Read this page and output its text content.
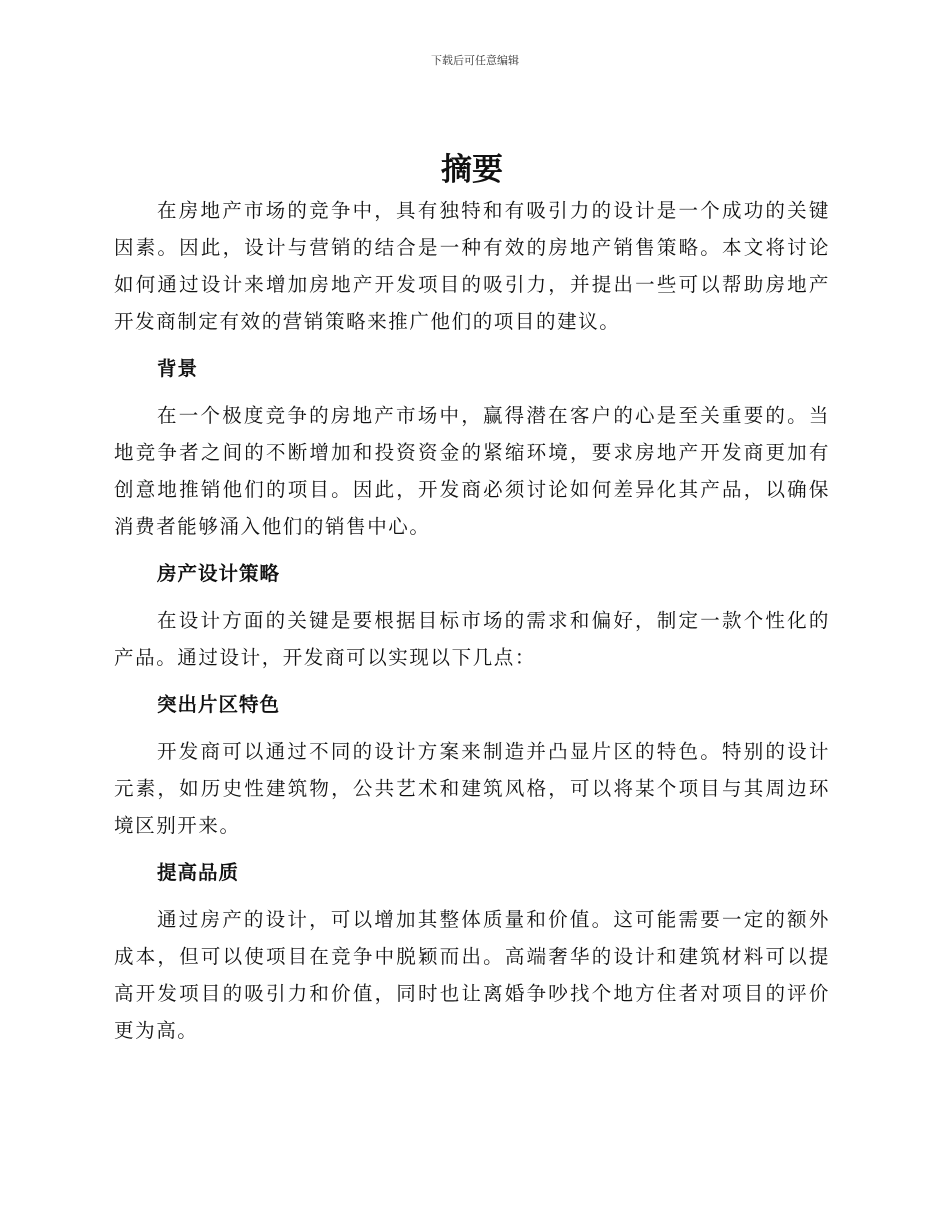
下载后可任意编辑
摘要

在房地产市场的竞争中，具有独特和有吸引力的设计是一个成功的关键因素。因此，设计与营销的结合是一种有效的房地产销售策略。本文将讨论如何通过设计来增加房地产开发项目的吸引力，并提出一些可以帮助房地产开发商制定有效的营销策略来推广他们的项目的建议。

背景

在一个极度竞争的房地产市场中，赢得潜在客户的心是至关重要的。当地竞争者之间的不断增加和投资资金的紧缩环境，要求房地产开发商更加有创意地推销他们的项目。因此，开发商必须讨论如何差异化其产品，以确保消费者能够涌入他们的销售中心。

房产设计策略

在设计方面的关键是要根据目标市场的需求和偏好，制定一款个性化的产品。通过设计，开发商可以实现以下几点：

突出片区特色

开发商可以通过不同的设计方案来制造并凸显片区的特色。特别的设计元素，如历史性建筑物，公共艺术和建筑风格，可以将某个项目与其周边环境区别开来。

提高品质

通过房产的设计，可以增加其整体质量和价值。这可能需要一定的额外成本，但可以使项目在竞争中脱颖而出。高端奢华的设计和建筑材料可以提高开发项目的吸引力和价值，同时也让离婚争吵找个地方住者对项目的评价更为高。
